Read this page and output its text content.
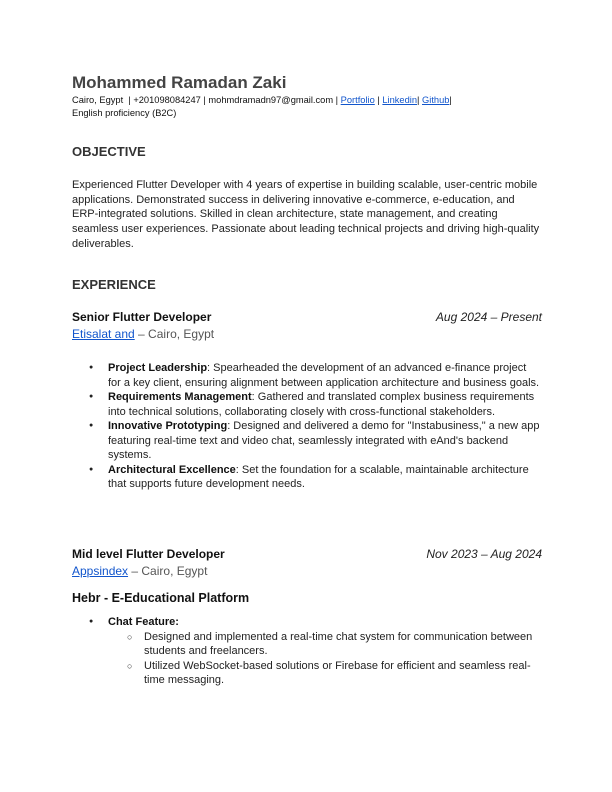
Mohammed Ramadan Zaki
Cairo, Egypt  | +201098084247 | mohmdramadn97@gmail.com | Portfolio | Linkedin| Github|
English proficiency (B2C)
OBJECTIVE
Experienced Flutter Developer with 4 years of expertise in building scalable, user-centric mobile applications. Demonstrated success in delivering innovative e-commerce, e-education, and ERP-integrated solutions. Skilled in clean architecture, state management, and creating seamless user experiences. Passionate about leading technical projects and driving high-quality deliverables.
EXPERIENCE
Senior Flutter Developer	Aug 2024 – Present
Etisalat and – Cairo, Egypt
● Project Leadership: Spearheaded the development of an advanced e-finance project for a key client, ensuring alignment between application architecture and business goals.
● Requirements Management: Gathered and translated complex business requirements into technical solutions, collaborating closely with cross-functional stakeholders.
● Innovative Prototyping: Designed and delivered a demo for "Instabusiness," a new app featuring real-time text and video chat, seamlessly integrated with eAnd's backend systems.
● Architectural Excellence: Set the foundation for a scalable, maintainable architecture that supports future development needs.
Mid level Flutter Developer	Nov 2023 – Aug 2024
Appsindex – Cairo, Egypt
Hebr - E-Educational Platform
● Chat Feature:
○ Designed and implemented a real-time chat system for communication between students and freelancers.
○ Utilized WebSocket-based solutions or Firebase for efficient and seamless real-time messaging.
